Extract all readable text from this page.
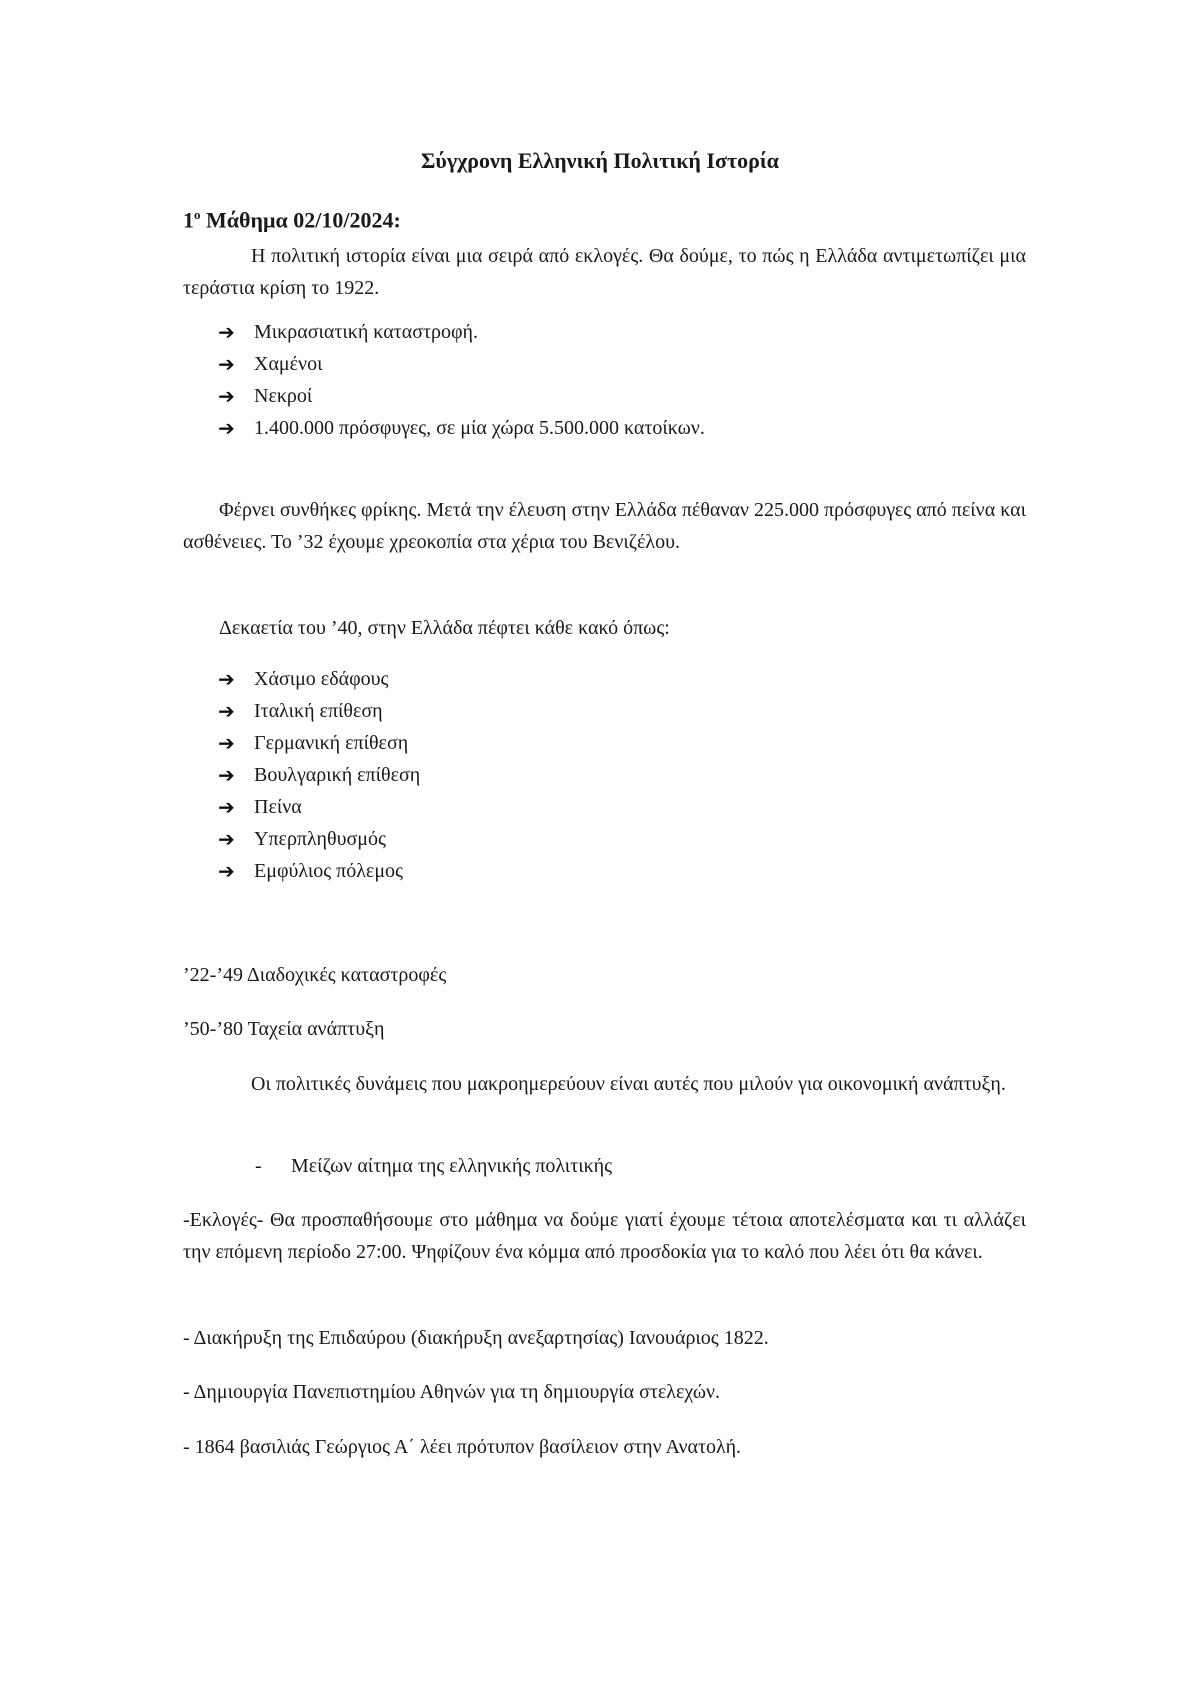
Σύγχρονη Ελληνική Πολιτική Ιστορία
$1^o$ Μάθημα 02/10/2024:

Η πολιτική ιστορία είναι μια σειρά από εκλογές. Θα δούμε, το πώς η Ελλάδα αντιμετωπίζει μια τεράστια κρίση το 1922.

➔ Μικρασιατική καταστροφή.
➔ Χαμένοι
➔ Νεκροί
➔ 1.400.000 πρόσφυγες, σε μία χώρα 5.500.000 κατοίκων.

Φέρνει συνθήκες φρίκης. Μετά την έλευση στην Ελλάδα πέθαναν 225.000 πρόσφυγες από πείνα και ασθένειες. Το ’32 έχουμε χρεοκοπία στα χέρια του Βενιζέλου.

Δεκαετία του ’40, στην Ελλάδα πέφτει κάθε κακό όπως:

➔ Χάσιμο εδάφους
➔ Ιταλική επίθεση
➔ Γερμανική επίθεση
➔ Βουλγαρική επίθεση
➔ Πείνα
➔ Υπερπληθυσμός
➔ Εμφύλιος πόλεμος

’22-’49 Διαδοχικές καταστροφές

’50-’80 Ταχεία ανάπτυξη

Οι πολιτικές δυνάμεις που μακροημερεύουν είναι αυτές που μιλούν για οικονομική ανάπτυξη.

- Μείζων αίτημα της ελληνικής πολιτικής

-Εκλογές- Θα προσπαθήσουμε στο μάθημα να δούμε γιατί έχουμε τέτοια αποτελέσματα και τι αλλάζει την επόμενη περίοδο 27:00. Ψηφίζουν ένα κόμμα από προσδοκία για το καλό που λέει ότι θα κάνει.

- Διακήρυξη της Επιδαύρου (διακήρυξη ανεξαρτησίας) Ιανουάριος 1822.

- Δημιουργία Πανεπιστημίου Αθηνών για τη δημιουργία στελεχών.

- 1864 βασιλιάς Γεώργιος Α΄ λέει πρότυπον βασίλειον στην Ανατολή.
